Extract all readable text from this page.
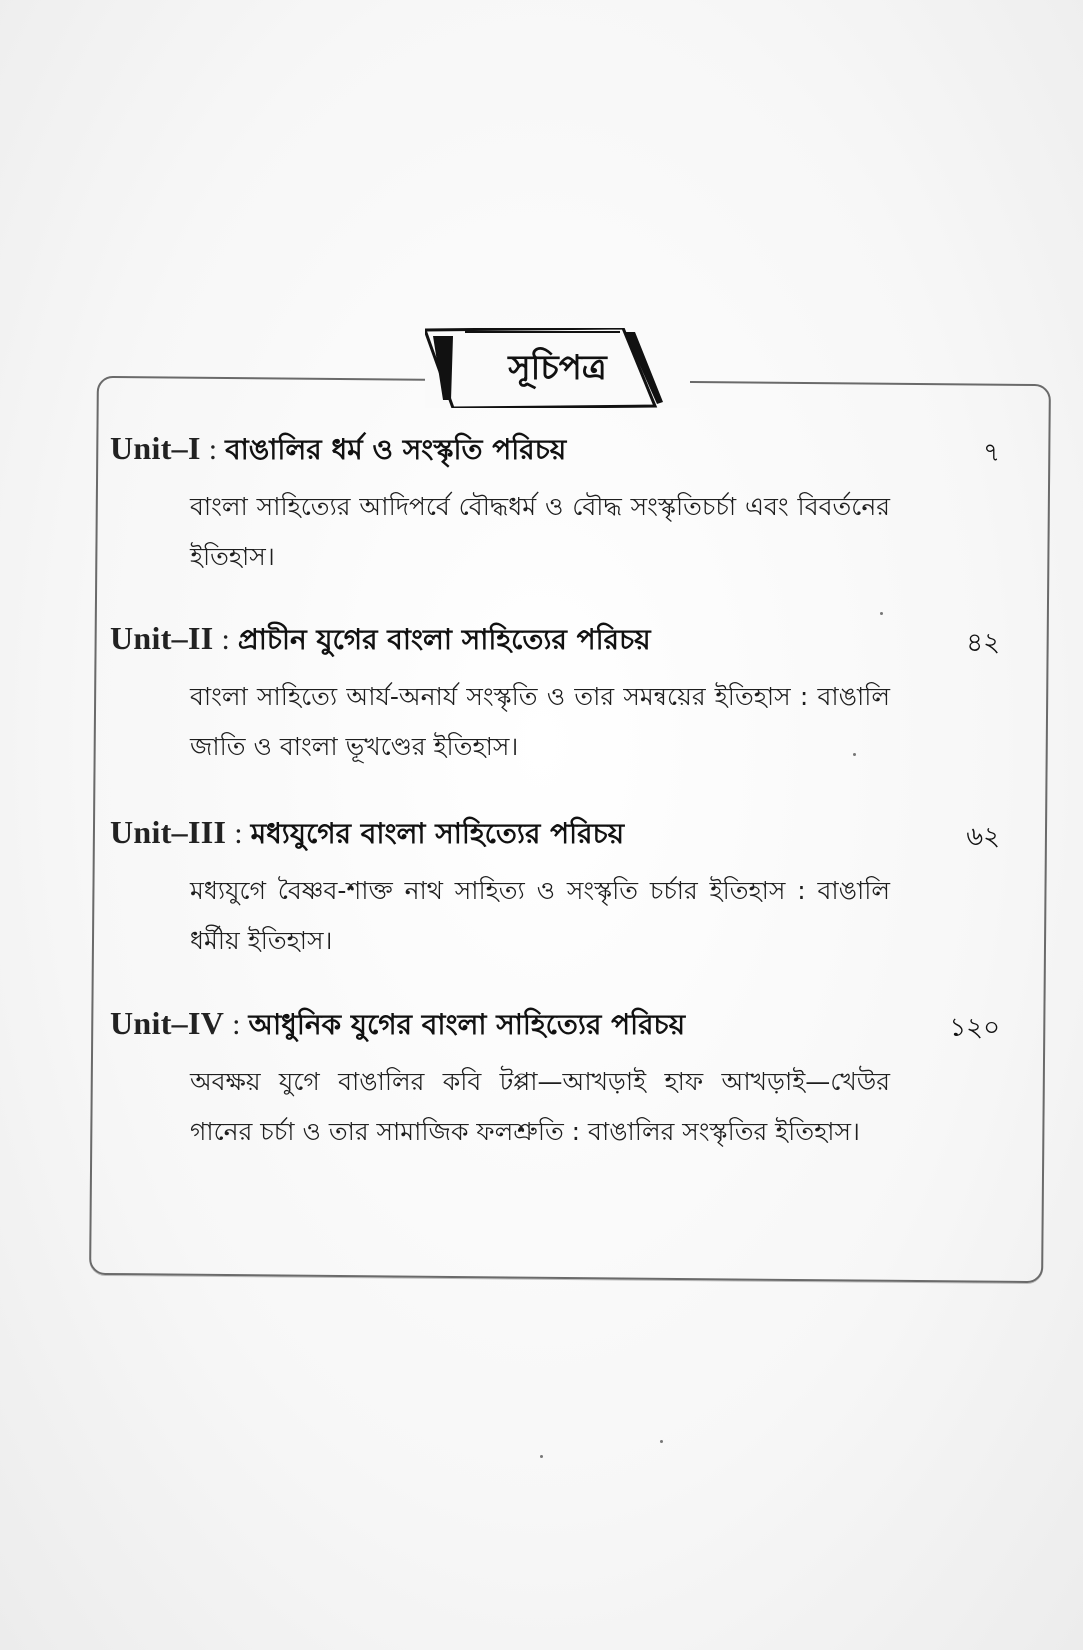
সূচিপত্র
Unit–I : বাঙালির ধর্ম ও সংস্কৃতি পরিচয়	৭
বাংলা সাহিত্যের আদিপর্বে বৌদ্ধধর্ম ও বৌদ্ধ সংস্কৃতিচর্চা এবং বিবর্তনের ইতিহাস।
Unit–II : প্রাচীন যুগের বাংলা সাহিত্যের পরিচয়	৪২
বাংলা সাহিত্যে আর্য-অনার্য সংস্কৃতি ও তার সমন্বয়ের ইতিহাস : বাঙালি জাতি ও বাংলা ভূখণ্ডের ইতিহাস।
Unit–III : মধ্যযুগের বাংলা সাহিত্যের পরিচয়	৬২
মধ্যযুগে বৈষ্ণব-শাক্ত নাথ সাহিত্য ও সংস্কৃতি চর্চার ইতিহাস : বাঙালি ধর্মীয় ইতিহাস।
Unit–IV : আধুনিক যুগের বাংলা সাহিত্যের পরিচয়	১২০
অবক্ষয় যুগে বাঙালির কবি টপ্পা—আখড়াই হাফ আখড়াই—খেউর গানের চর্চা ও তার সামাজিক ফলশ্রুতি : বাঙালির সংস্কৃতির ইতিহাস।
